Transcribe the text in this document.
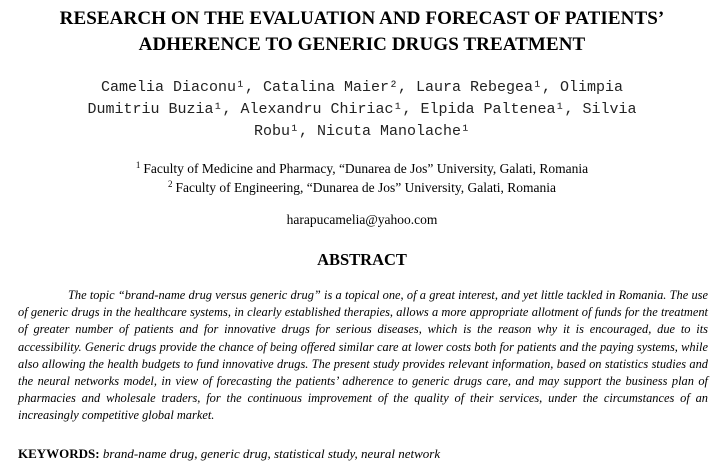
RESEARCH ON THE EVALUATION AND FORECAST OF PATIENTS’
ADHERENCE TO GENERIC DRUGS TREATMENT
Camelia Diaconu¹, Catalina Maier², Laura Rebegea¹, Olimpia
Dumitriu Buzia¹, Alexandru Chiriac¹, Elpida Paltenea¹, Silvia
Robu¹, Nicuta Manolache¹
$^1$ Faculty of Medicine and Pharmacy, “Dunarea de Jos” University, Galati, Romania
$^2$ Faculty of Engineering, “Dunarea de Jos” University, Galati, Romania
harapucamelia@yahoo.com
ABSTRACT

The topic “brand-name drug versus generic drug” is a topical one, of a great interest, and yet little tackled in Romania. The use of generic drugs in the healthcare systems, in clearly established therapies, allows a more appropriate allotment of funds for the treatment of greater number of patients and for innovative drugs for serious diseases, which is the reason why it is encouraged, due to its accessibility. Generic drugs provide the chance of being offered similar care at lower costs both for patients and the paying systems, while also allowing the health budgets to fund innovative drugs. The present study provides relevant information, based on statistics studies and the neural networks model, in view of forecasting the patients’ adherence to generic drugs care, and may support the business plan of pharmacies and wholesale traders, for the continuous improvement of the quality of their services, under the circumstances of an increasingly competitive global market.

KEYWORDS: brand-name drug, generic drug, statistical study, neural network
